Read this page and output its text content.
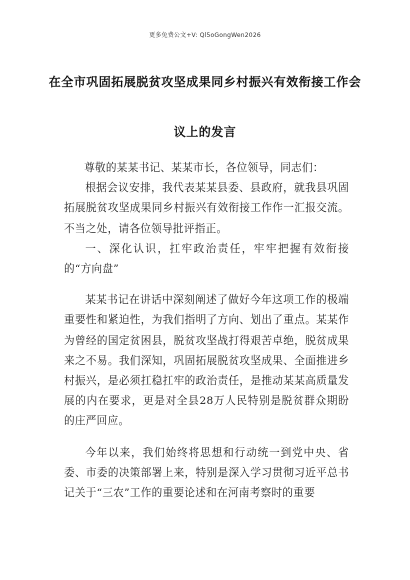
更多免费公文+V: Ql5oGongWen2026
在全市巩固拓展脱贫攻坚成果同乡村振兴有效衔接工作会
议上的发言

尊敬的某某书记、某某市长，各位领导，同志们：

根据会议安排，我代表某某县委、县政府，就我县巩固拓展脱贫攻坚成果同乡村振兴有效衔接工作作一汇报交流。不当之处，请各位领导批评指正。

一、深化认识，扛牢政治责任，牢牢把握有效衔接的“方向盘”

某某书记在讲话中深刻阐述了做好今年这项工作的极端重要性和紧迫性，为我们指明了方向、划出了重点。某某作为曾经的国定贫困县，脱贫攻坚战打得艰苦卓绝，脱贫成果来之不易。我们深知，巩固拓展脱贫攻坚成果、全面推进乡村振兴，是必须扛稳扛牢的政治责任，是推动某某高质量发展的内在要求，更是对全县28万人民特别是脱贫群众期盼的庄严回应。

今年以来，我们始终将思想和行动统一到党中央、省委、市委的决策部署上来，特别是深入学习贯彻习近平总书记关于“三农”工作的重要论述和在河南考察时的重要
